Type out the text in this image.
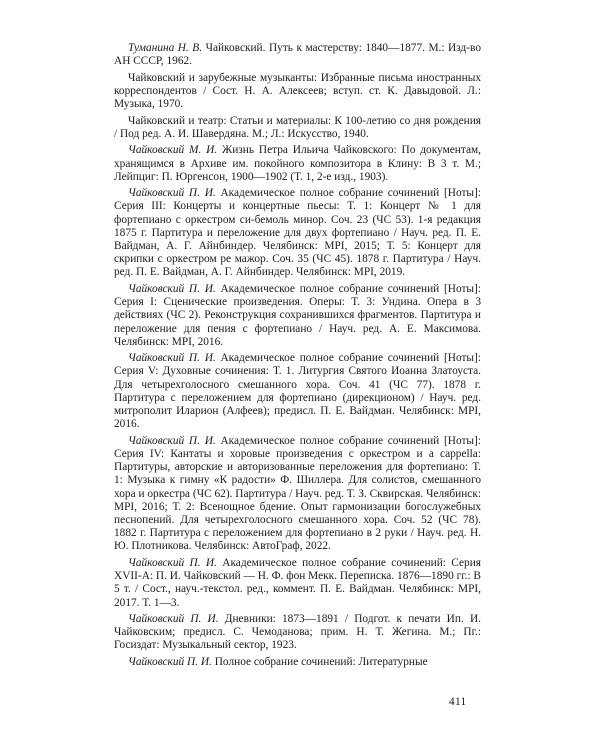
Туманина Н. В. Чайковский. Путь к мастерству: 1840—1877. М.: Изд-во АН СССР, 1962.

Чайковский и зарубежные музыканты: Избранные письма иностранных корреспондентов / Сост. Н. А. Алексеев; вступ. ст. К. Давыдовой. Л.: Музыка, 1970.

Чайковский и театр: Статьи и материалы: К 100-летию со дня рождения / Под ред. А. И. Шавердяна. М.; Л.: Искусство, 1940.

Чайковский М. И. Жизнь Петра Ильича Чайковского: По документам, хранящимся в Архиве им. покойного композитора в Клину: В 3 т. М.; Лейпциг: П. Юргенсон, 1900—1902 (Т. 1, 2-е изд., 1903).

Чайковский П. И. Академическое полное собрание сочинений [Ноты]: Серия III: Концерты и концертные пьесы: Т. 1: Концерт № 1 для фортепиано с оркестром си-бемоль минор. Соч. 23 (ЧС 53). 1-я редакция 1875 г. Партитура и переложение для двух фортепиано / Науч. ред. П. Е. Вайдман, А. Г. Айнбиндер. Челябинск: MPI, 2015; Т. 5: Концерт для скрипки с оркестром ре мажор. Соч. 35 (ЧС 45). 1878 г. Партитура / Науч. ред. П. Е. Вайдман, А. Г. Айнбиндер. Челябинск: MPI, 2019.

Чайковский П. И. Академическое полное собрание сочинений [Ноты]: Серия I: Сценические произведения. Оперы: Т. 3: Ундина. Опера в 3 действиях (ЧС 2). Реконструкция сохранившихся фрагментов. Партитура и переложение для пения с фортепиано / Науч. ред. А. Е. Максимова. Челябинск: MPI, 2016.

Чайковский П. И. Академическое полное собрание сочинений [Ноты]: Серия V: Духовные сочинения: Т. 1. Литургия Святого Иоанна Златоуста. Для четырехголосного смешанного хора. Соч. 41 (ЧС 77). 1878 г. Партитура с переложением для фортепиано (дирекционом) / Науч. ред. митрополит Иларион (Алфеев); предисл. П. Е. Вайдман. Челябинск: MPI, 2016.

Чайковский П. И. Академическое полное собрание сочинений [Ноты]: Серия IV: Кантаты и хоровые произведения с оркестром и a cappella: Партитуры, авторские и авторизованные переложения для фортепиано: Т. 1: Музыка к гимну «К радости» Ф. Шиллера. Для солистов, смешанного хора и оркестра (ЧС 62). Партитура / Науч. ред. Т. З. Сквирская. Челябинск: MPI, 2016; Т. 2: Всенощное бдение. Опыт гармонизации богослужебных песнопений. Для четырехголосного смешанного хора. Соч. 52 (ЧС 78). 1882 г. Партитура с переложением для фортепиано в 2 руки / Науч. ред. Н. Ю. Плотникова. Челябинск: АвтоГраф, 2022.

Чайковский П. И. Академическое полное собрание сочинений: Серия XVII-А: П. И. Чайковский — Н. Ф. фон Мекк. Переписка. 1876—1890 гг.: В 5 т. / Сост., науч.-текстол. ред., коммент. П. Е. Вайдман. Челябинск: MPI, 2017. Т. 1—3.

Чайковский П. И. Дневники: 1873—1891 / Подгот. к печати Ип. И. Чайковским; предисл. С. Чемоданова; прим. Н. Т. Жегина. М.; Пг.: Госиздат: Музыкальный сектор, 1923.

Чайковский П. И. Полное собрание сочинений: Литературные

411
